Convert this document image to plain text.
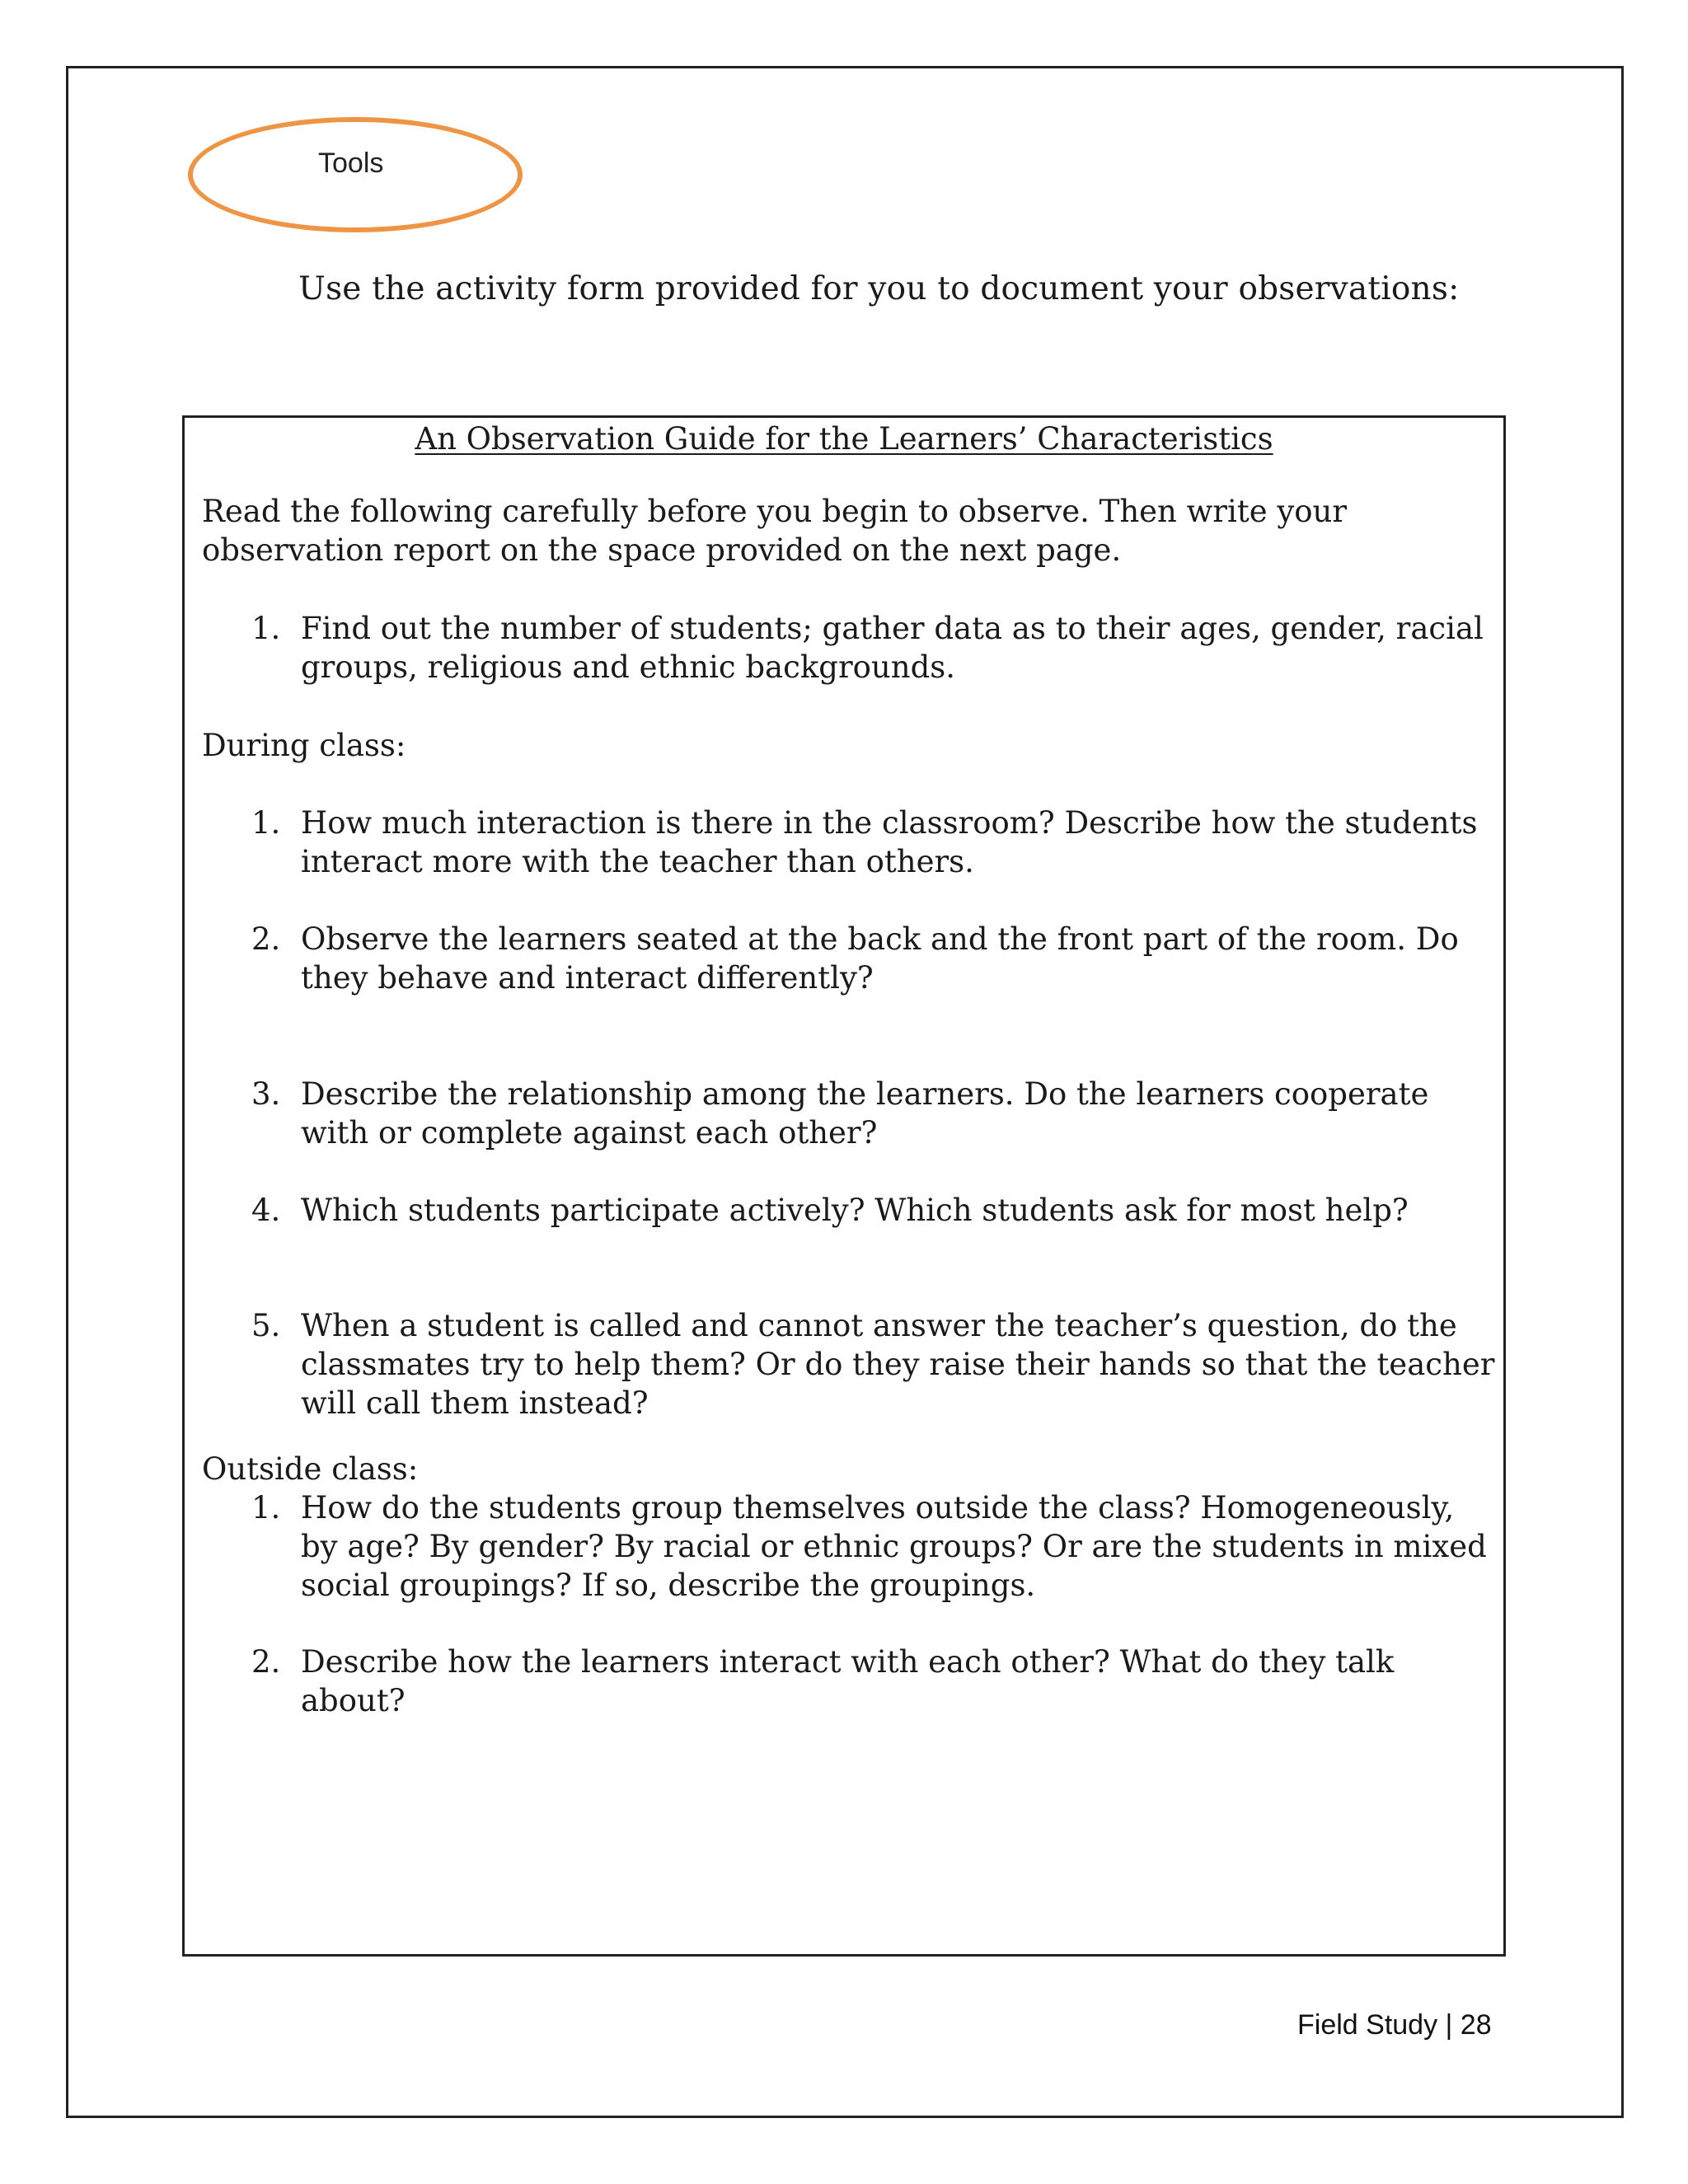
Tools
Use the activity form provided for you to document your observations:
An Observation Guide for the Learners’ Characteristics
Read the following carefully before you begin to observe. Then write your observation report on the space provided on the next page.
1. Find out the number of students; gather data as to their ages, gender, racial groups, religious and ethnic backgrounds.
During class:
1. How much interaction is there in the classroom? Describe how the students interact more with the teacher than others.
2. Observe the learners seated at the back and the front part of the room. Do they behave and interact differently?
3. Describe the relationship among the learners. Do the learners cooperate with or complete against each other?
4. Which students participate actively? Which students ask for most help?
5. When a student is called and cannot answer the teacher’s question, do the classmates try to help them? Or do they raise their hands so that the teacher will call them instead?
Outside class:
1. How do the students group themselves outside the class? Homogeneously, by age? By gender? By racial or ethnic groups? Or are the students in mixed social groupings? If so, describe the groupings.
2. Describe how the learners interact with each other? What do they talk about?
Field Study | 28
